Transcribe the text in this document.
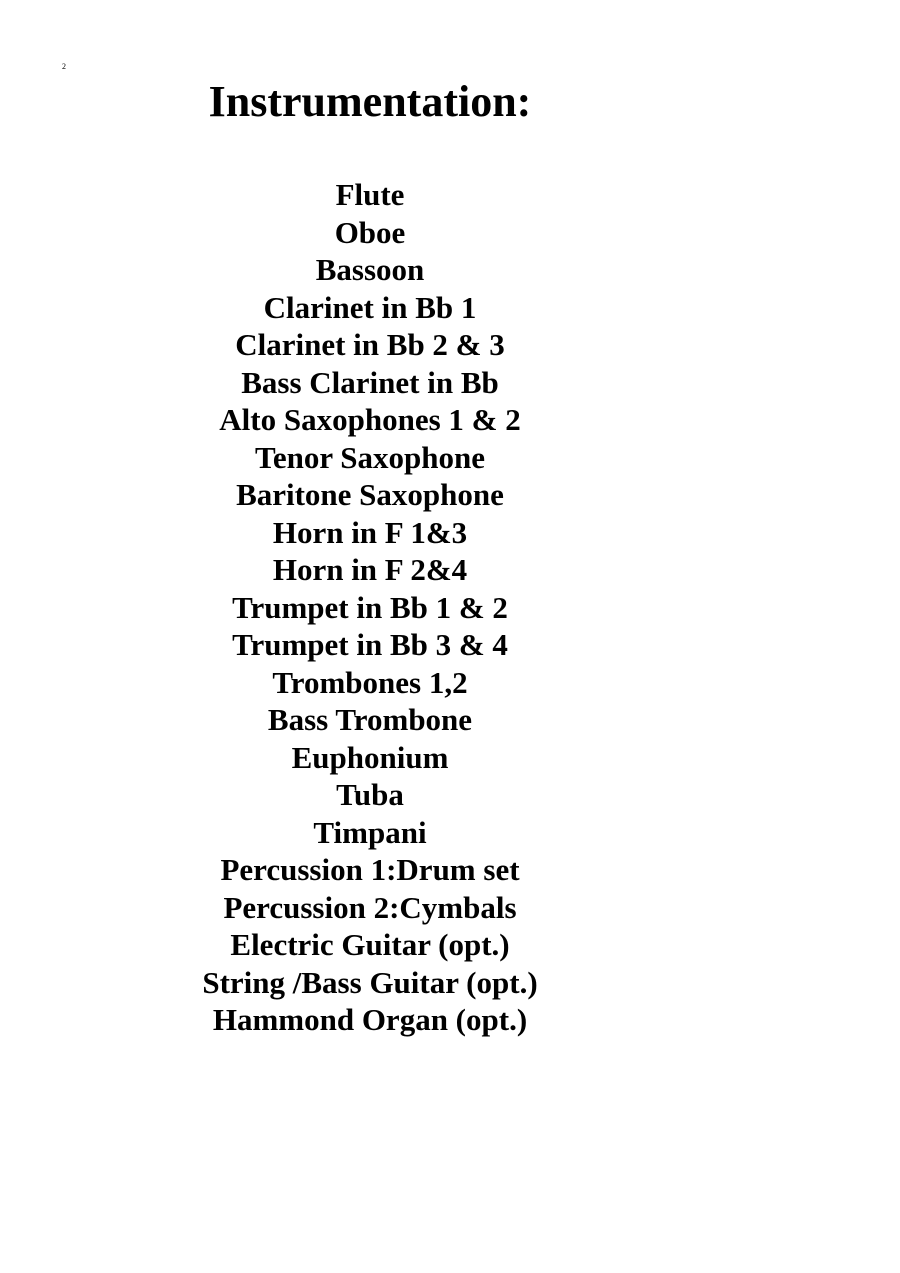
2
Instrumentation:
Flute
Oboe
Bassoon
Clarinet in Bb 1
Clarinet in Bb 2 & 3
Bass Clarinet in Bb
Alto Saxophones 1 & 2
Tenor Saxophone
Baritone Saxophone
Horn in F 1&3
Horn in F 2&4
Trumpet in Bb 1 & 2
Trumpet in Bb 3 & 4
Trombones 1,2
Bass Trombone
Euphonium
Tuba
Timpani
Percussion 1:Drum set
Percussion 2:Cymbals
Electric Guitar (opt.)
String /Bass Guitar (opt.)
Hammond Organ (opt.)
